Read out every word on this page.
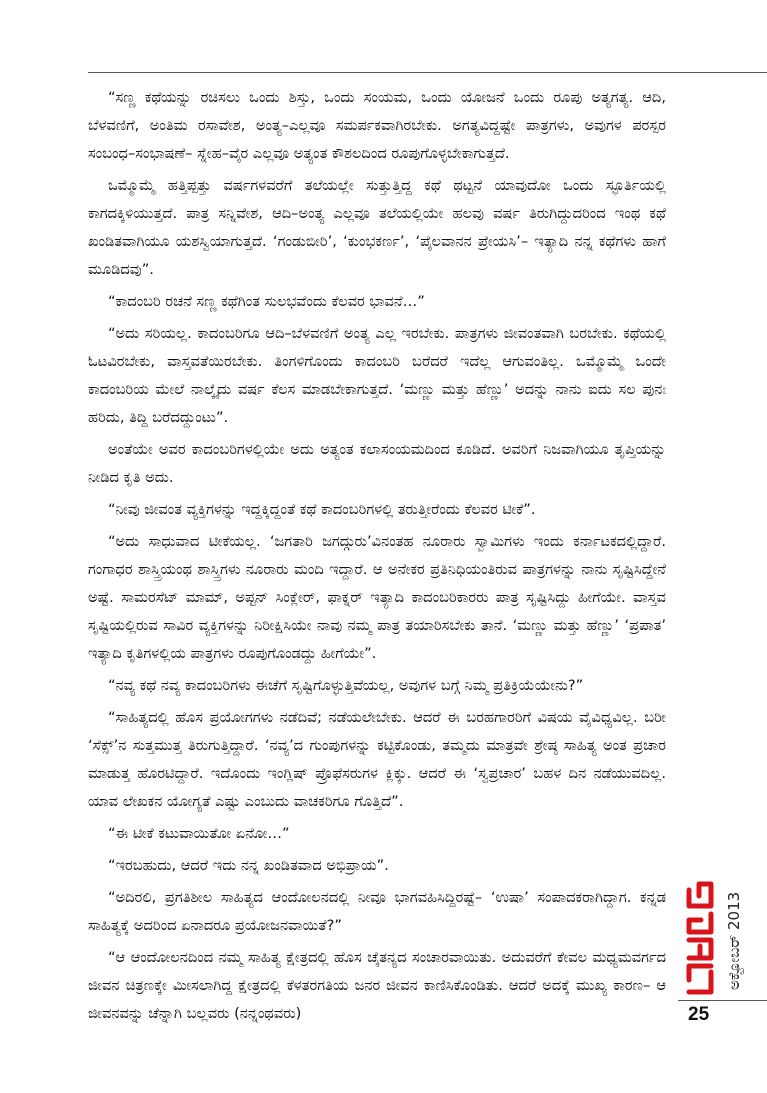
“ಸಣ್ಣ ಕಥೆಯನ್ನು ರಚಿಸಲು ಒಂದು ಶಿಸ್ತು, ಒಂದು ಸಂಯಮ, ಒಂದು ಯೋಜನೆ ಒಂದು ರೂಪು ಅತ್ಯಗತ್ಯ. ಆದಿ, ಬೆಳವಣಿಗೆ, ಅಂತಿಮ ರಸಾವೇಶ, ಅಂತ್ಯ–ಎಲ್ಲವೂ ಸಮರ್ಪಕವಾಗಿರಬೇಕು. ಅಗತ್ಯವಿದ್ದಷ್ಟೇ ಪಾತ್ರಗಳು, ಅವುಗಳ ಪರಸ್ಪರ ಸಂಬಂಧ–ಸಂಭಾಷಣೆ– ಸ್ನೇಹ–ವೈರ ಎಲ್ಲವೂ ಅತ್ಯಂತ ಕೌಶಲದಿಂದ ರೂಪುಗೊಳ್ಳಬೇಕಾಗುತ್ತದೆ.

ಒಮ್ಮೊಮ್ಮೆ ಹತ್ತಿಪ್ಪತ್ತು ವರ್ಷಗಳವರೆಗೆ ತಲೆಯಲ್ಲೇ ಸುತ್ತುತ್ತಿದ್ದ ಕಥೆ ಥಟ್ಟನೆ ಯಾವುದೋ ಒಂದು ಸ್ಫೂರ್ತಿಯಲ್ಲಿ ಕಾಗದಕ್ಕಿಳಿಯುತ್ತದೆ. ಪಾತ್ರ ಸನ್ನಿವೇಶ, ಆದಿ–ಅಂತ್ಯ ಎಲ್ಲವೂ ತಲೆಯಲ್ಲಿಯೇ ಹಲವು ವರ್ಷ ತಿರುಗಿದ್ದುದರಿಂದ ಇಂಥ ಕಥೆ ಖಂಡಿತವಾಗಿಯೂ ಯಶಸ್ವಿಯಾಗುತ್ತದೆ. ‘ಗಂಡುಬೀರಿ’, ‘ಕುಂಭಕರ್ಣ’, ‘ಪೈಲವಾನನ ಪ್ರೇಯಸಿ’– ಇತ್ಯಾದಿ ನನ್ನ ಕಥೆಗಳು ಹಾಗೆ ಮೂಡಿದವು”.

“ಕಾದಂಬರಿ ರಚನೆ ಸಣ್ಣ ಕಥೆಗಿಂತ ಸುಲಭವೆಂದು ಕೆಲವರ ಭಾವನೆ…”

“ಅದು ಸರಿಯಲ್ಲ. ಕಾದಂಬರಿಗೂ ಆದಿ–ಬೆಳವಣಿಗೆ ಅಂತ್ಯ ಎಲ್ಲ ಇರಬೇಕು. ಪಾತ್ರಗಳು ಜೀವಂತವಾಗಿ ಬರಬೇಕು. ಕಥೆಯಲ್ಲಿ ಓಟವಿರಬೇಕು, ವಾಸ್ತವತೆಯಿರಬೇಕು. ತಿಂಗಳಿಗೊಂದು ಕಾದಂಬರಿ ಬರೆದರೆ ಇದೆಲ್ಲ ಆಗುವಂತಿಲ್ಲ. ಒಮ್ಮೊಮ್ಮೆ ಒಂದೇ ಕಾದಂಬರಿಯ ಮೇಲೆ ನಾಲ್ಕೈದು ವರ್ಷ ಕೆಲಸ ಮಾಡಬೇಕಾಗುತ್ತದೆ. ‘ಮಣ್ಣು ಮತ್ತು ಹೆಣ್ಣು’ ಅದನ್ನು ನಾನು ಐದು ಸಲ ಪುನಃ ಹರಿದು, ತಿದ್ದಿ ಬರೆದದ್ದುಂಟು”.

ಅಂತೆಯೇ ಅವರ ಕಾದಂಬರಿಗಳಲ್ಲಿಯೇ ಅದು ಅತ್ಯಂತ ಕಲಾಸಂಯಮದಿಂದ ಕೂಡಿದೆ. ಅವರಿಗೆ ನಿಜವಾಗಿಯೂ ತೃಪ್ತಿಯನ್ನು ನೀಡಿದ ಕೃತಿ ಅದು.

“ನೀವು ಜೀವಂತ ವ್ಯಕ್ತಿಗಳನ್ನು ಇದ್ದಕ್ಕಿದ್ದಂತೆ ಕಥೆ ಕಾದಂಬರಿಗಳಲ್ಲಿ ತರುತ್ತೀರೆಂದು ಕೆಲವರ ಟೀಕೆ”.

“ಅದು ಸಾಧುವಾದ ಟೀಕೆಯಲ್ಲ. ‘ಜಗತಾರಿ ಜಗದ್ಗುರು’ವಿನಂತಹ ನೂರಾರು ಸ್ವಾಮಿಗಳು ಇಂದು ಕರ್ನಾಟಕದಲ್ಲಿದ್ದಾರೆ. ಗಂಗಾಧರ ಶಾಸ್ತ್ರಿಯಂಥ ಶಾಸ್ತ್ರಿಗಳು ನೂರಾರು ಮಂದಿ ಇದ್ದಾರೆ. ಆ ಅನೇಕರ ಪ್ರತಿನಿಧಿಯಂತಿರುವ ಪಾತ್ರಗಳನ್ನು ನಾನು ಸೃಷ್ಟಿಸಿದ್ದೇನೆ ಅಷ್ಟೆ. ಸಾಮರಸೆಟ್ ಮಾಮ್, ಅಪ್ಟನ್ ಸಿಂಕ್ಲೇರ್, ಫಾಕ್ನರ್ ಇತ್ಯಾದಿ ಕಾದಂಬರಿಕಾರರು ಪಾತ್ರ ಸೃಷ್ಟಿಸಿದ್ದು ಹೀಗೆಯೇ. ವಾಸ್ತವ ಸೃಷ್ಟಿಯಲ್ಲಿರುವ ಸಾವಿರ ವ್ಯಕ್ತಿಗಳನ್ನು ನಿರೀಕ್ಷಿಸಿಯೇ ನಾವು ನಮ್ಮ ಪಾತ್ರ ತಯಾರಿಸಬೇಕು ತಾನೆ. ‘ಮಣ್ಣು ಮತ್ತು ಹೆಣ್ಣು’ ‘ಪ್ರಪಾತ’ ಇತ್ಯಾದಿ ಕೃತಿಗಳಲ್ಲಿಯ ಪಾತ್ರಗಳು ರೂಪುಗೊಂಡದ್ದು ಹೀಗೆಯೇ”.

“ನವ್ಯ ಕಥೆ ನವ್ಯ ಕಾದಂಬರಿಗಳು ಈಚೆಗೆ ಸೃಷ್ಟಿಗೊಳ್ಳುತ್ತಿವೆಯಲ್ಲ, ಅವುಗಳ ಬಗ್ಗೆ ನಿಮ್ಮ ಪ್ರತಿಕ್ರಿಯೆಯೇನು?”

“ಸಾಹಿತ್ಯದಲ್ಲಿ ಹೊಸ ಪ್ರಯೋಗಗಳು ನಡೆದಿವೆ; ನಡೆಯಲೇಬೇಕು. ಆದರೆ ಈ ಬರಹಗಾರರಿಗೆ ವಿಷಯ ವೈವಿಧ್ಯವಿಲ್ಲ. ಬರೀ ‘ಸೆಕ್ಸ್’ನ ಸುತ್ತಮುತ್ತ ತಿರುಗುತ್ತಿದ್ದಾರೆ. ‘ನವ್ಯ’ದ ಗುಂಪುಗಳನ್ನು ಕಟ್ಟಿಕೊಂಡು, ತಮ್ಮದು ಮಾತ್ರವೇ ಶ್ರೇಷ್ಠ ಸಾಹಿತ್ಯ ಅಂತ ಪ್ರಚಾರ ಮಾಡುತ್ತ ಹೊರಟಿದ್ದಾರೆ. ಇದೊಂದು ಇಂಗ್ಲಿಷ್ ಪ್ರೊಫೆಸರುಗಳ ಕ್ಲಿಕ್ಕು. ಆದರೆ ಈ ‘ಸ್ವಪ್ರಚಾರ’ ಬಹಳ ದಿನ ನಡೆಯುವದಿಲ್ಲ. ಯಾವ ಲೇಖಕನ ಯೋಗ್ಯತೆ ಎಷ್ಟು ಎಂಬುದು ವಾಚಕರಿಗೂ ಗೊತ್ತಿದೆ”.

“ಈ ಟೀಕೆ ಕಟುವಾಯಿತೋ ಏನೋ…”

“ಇರಬಹುದು, ಆದರೆ ಇದು ನನ್ನ ಖಂಡಿತವಾದ ಅಭಿಪ್ರಾಯ”.

“ಅದಿರಲಿ, ಪ್ರಗತಿಶೀಲ ಸಾಹಿತ್ಯದ ಆಂದೋಲನದಲ್ಲಿ ನೀವೂ ಭಾಗವಹಿಸಿದ್ದಿರಷ್ಟೆ– ‘ಉಷಾ’ ಸಂಪಾದಕರಾಗಿದ್ದಾಗ. ಕನ್ನಡ ಸಾಹಿತ್ಯಕ್ಕೆ ಅದರಿಂದ ಏನಾದರೂ ಪ್ರಯೋಜನವಾಯಿತೆ?”

“ಆ ಆಂದೋಲನದಿಂದ ನಮ್ಮ ಸಾಹಿತ್ಯ ಕ್ಷೇತ್ರದಲ್ಲಿ ಹೊಸ ಚೈತನ್ಯದ ಸಂಚಾರವಾಯಿತು. ಅದುವರೆಗೆ ಕೇವಲ ಮಧ್ಯಮವರ್ಗದ ಜೀವನ ಚಿತ್ರಣಕ್ಕೇ ಮೀಸಲಾಗಿದ್ದ ಕ್ಷೇತ್ರದಲ್ಲಿ ಕೆಳತರಗತಿಯ ಜನರ ಜೀವನ ಕಾಣಿಸಿಕೊಂಡಿತು. ಆದರೆ ಅದಕ್ಕೆ ಮುಖ್ಯ ಕಾರಣ– ಆ ಜೀವನವನ್ನು ಚೆನ್ನಾಗಿ ಬಲ್ಲವರು (ನನ್ನಂಥವರು)

ಅಕ್ಟೋಬರ್ 2013
25
